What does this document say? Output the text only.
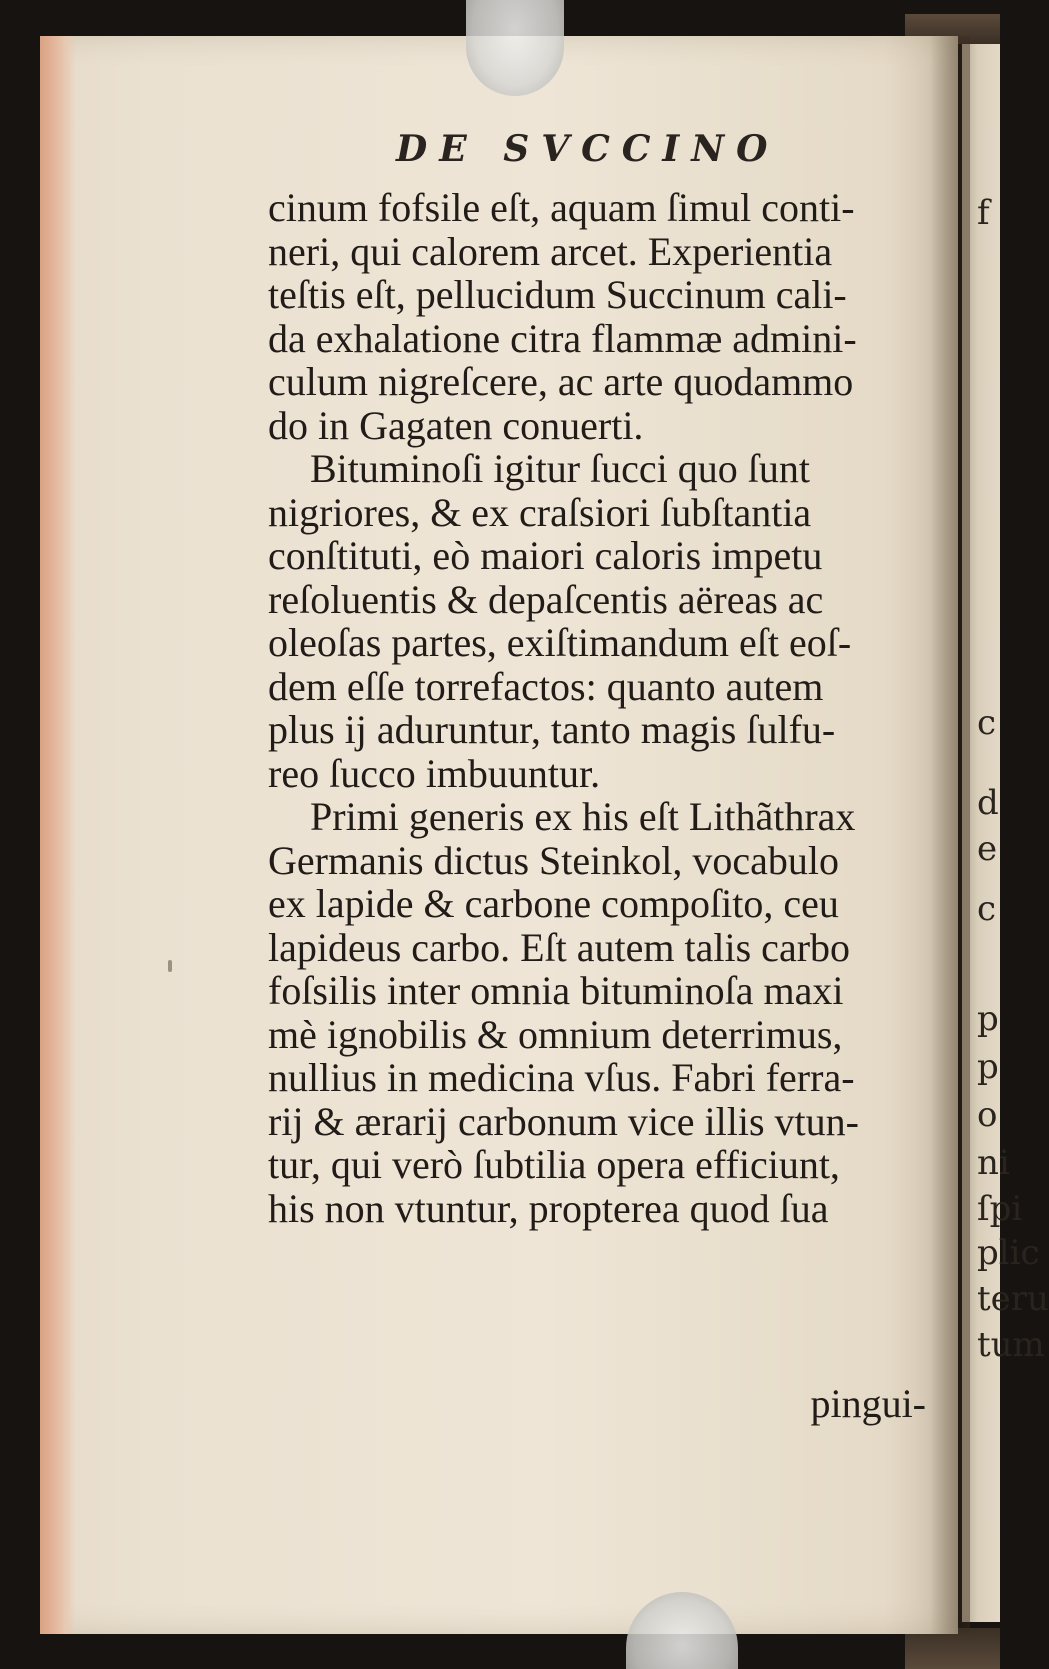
f
c
d
e
c
p
p
o
ni
ſpi
plic
teru
tum
DE SVCCINO
cinum fofsile eſt, aquam ſimul conti-
neri, qui calorem arcet. Experientia
teſtis eſt, pellucidum Succinum cali-
da exhalatione citra flammæ admini-
culum nigreſcere, ac arte quodammo
do in Gagaten conuerti.
Bituminoſi igitur ſucci quo ſunt
nigriores, & ex craſsiori ſubſtantia
conſtituti, eò maiori caloris impetu
reſoluentis & depaſcentis aëreas ac
oleoſas partes, exiſtimandum eſt eoſ-
dem eſſe torrefactos: quanto autem
plus ij aduruntur, tanto magis ſulfu-
reo ſucco imbuuntur.
Primi generis ex his eſt Lithãthrax
Germanis dictus Steinkol, vocabulo
ex lapide & carbone compoſito, ceu
lapideus carbo. Eſt autem talis carbo
foſsilis inter omnia bituminoſa maxi
mè ignobilis & omnium deterrimus,
nullius in medicina vſus. Fabri ferra-
rij & ærarij carbonum vice illis vtun-
tur, qui verò ſubtilia opera efficiunt,
his non vtuntur, propterea quod ſua
pingui-
